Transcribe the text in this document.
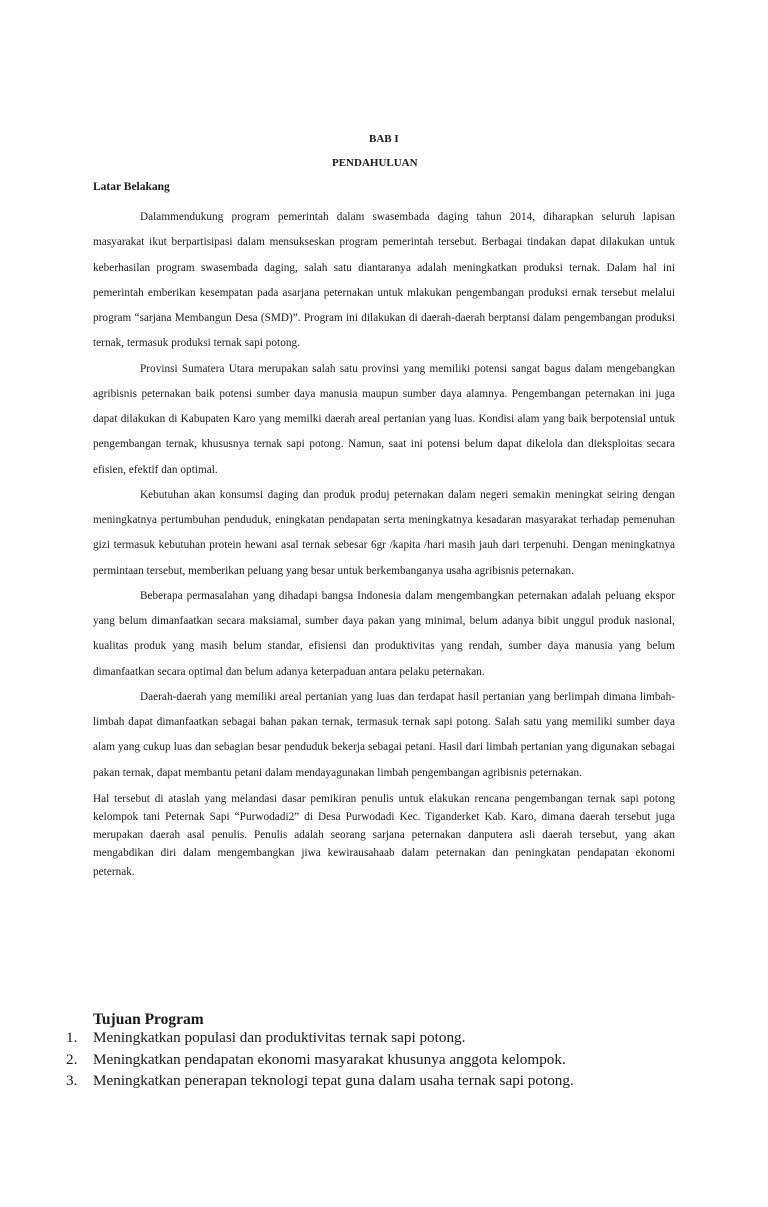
BAB I
PENDAHULUAN
Latar Belakang

Dalammendukung program pemerintah dalam swasembada daging tahun 2014, diharapkan seluruh lapisan masyarakat ikut berpartisipasi dalam mensukseskan program pemerintah tersebut. Berbagai tindakan dapat dilakukan untuk keberhasilan program swasembada daging, salah satu diantaranya adalah meningkatkan produksi ternak. Dalam hal ini pemerintah emberikan kesempatan pada asarjana peternakan untuk mlakukan pengembangan produksi ernak tersebut melalui program “sarjana Membangun Desa (SMD)”. Program ini dilakukan di daerah-daerah berptansi dalam pengembangan produksi ternak, termasuk produksi ternak sapi potong.

Provinsi Sumatera Utara merupakan salah satu provinsi yang memiliki potensi sangat bagus dalam mengebangkan agribisnis peternakan baik potensi sumber daya manusia maupun sumber daya alamnya. Pengembangan peternakan ini juga dapat dilakukan di Kabupaten Karo yang memilki daerah areal pertanian yang luas. Kondisi alam yang baik berpotensial untuk pengembangan ternak, khususnya ternak sapi potong. Namun, saat ini potensi belum dapat dikelola dan dieksploitas secara efisien, efektif dan optimal.

Kebutuhan akan konsumsi daging dan produk produj peternakan dalam negeri semakin meningkat seiring dengan meningkatnya pertumbuhan penduduk, eningkatan pendapatan serta meningkatnya kesadaran masyarakat terhadap pemenuhan gizi termasuk kebutuhan protein hewani asal ternak sebesar 6gr /kapita /hari masih jauh dari terpenuhi. Dengan meningkatnya permintaan tersebut, memberikan peluang yang besar untuk berkembanganya usaha agribisnis peternakan.

Beberapa permasalahan yang dihadapi bangsa Indonesia dalam mengembangkan peternakan adalah peluang ekspor yang belum dimanfaatkan secara maksiamal, sumber daya pakan yang minimal, belum adanya bibit unggul produk nasional, kualitas produk yang masih belum standar, efisiensi dan produktivitas yang rendah, sumber daya manusia yang belum dimanfaatkan secara optimal dan belum adanya keterpaduan antara pelaku peternakan.

Daerah-daerah yang memiliki areal pertanian yang luas dan terdapat hasil pertanian yang berlimpah dimana limbah-limbah dapat dimanfaatkan sebagai bahan pakan ternak, termasuk ternak sapi potong. Salah satu yang memiliki sumber daya alam yang cukup luas dan sebagian besar penduduk bekerja sebagai petani. Hasil dari limbah pertanian yang digunakan sebagai pakan ternak, dapat membantu petani dalam mendayagunakan limbah pengembangan agribisnis peternakan.

Hal tersebut di ataslah yang melandasi dasar pemikiran penulis untuk elakukan rencana pengembangan ternak sapi potong kelompok tani Peternak Sapi “Purwodadi2” di Desa Purwodadi Kec. Tiganderket Kab. Karo, dimana daerah tersebut juga merupakan daerah asal penulis. Penulis adalah seorang sarjana peternakan danputera asli daerah tersebut, yang akan mengabdikan diri dalam mengembangkan jiwa kewirausahaab dalam peternakan dan peningkatan pendapatan ekonomi peternak.

Tujuan Program
1. Meningkatkan populasi dan produktivitas ternak sapi potong.
2. Meningkatkan pendapatan ekonomi masyarakat khusunya anggota kelompok.
3. Meningkatkan penerapan teknologi tepat guna dalam usaha ternak sapi potong.
